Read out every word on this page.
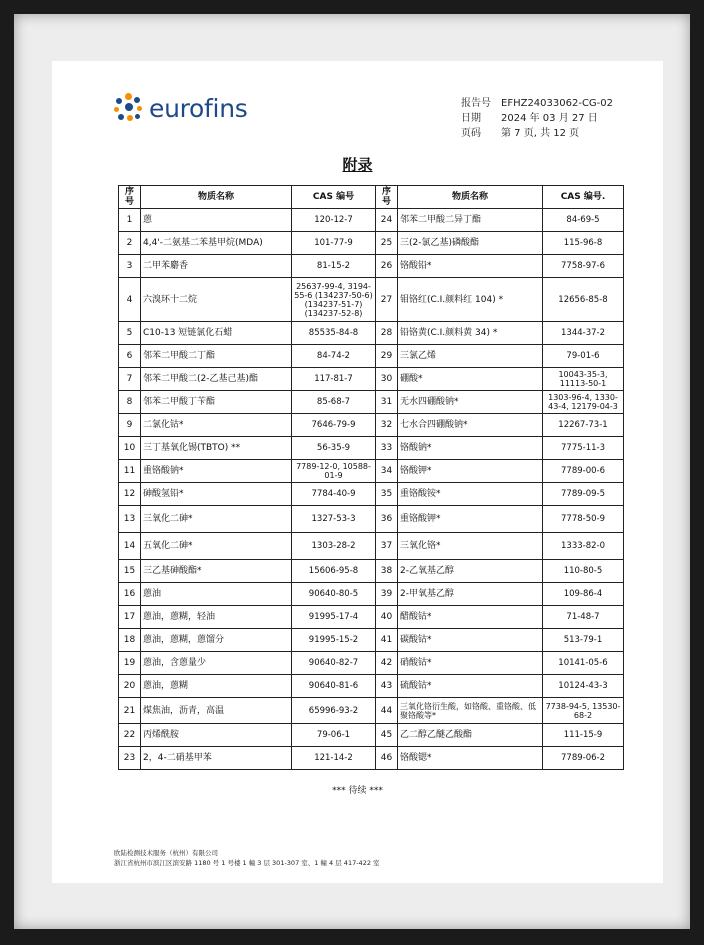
eurofins	报告号	EFHZ24033062-CG-02
日期	2024 年 03 月 27 日
页码	第 7 页, 共 12 页
附录
序号	物质名称	CAS 编号	序号	物质名称	CAS 编号.
1	蒽	120-12-7	24	邻苯二甲酸二异丁酯	84-69-5
2	4,4'-二氨基二苯基甲烷(MDA)	101-77-9	25	三(2-氯乙基)磷酸酯	115-96-8
3	二甲苯麝香	81-15-2	26	铬酸铅*	7758-97-6
4	六溴环十二烷	25637-99-4, 3194-55-6 (134237-50-6) (134237-51-7) (134237-52-8)	27	钼铬红(C.I.颜料红 104) *	12656-85-8
5	C10-13 短链氯化石蜡	85535-84-8	28	铅铬黄(C.I.颜料黄 34) *	1344-37-2
6	邻苯二甲酸二丁酯	84-74-2	29	三氯乙烯	79-01-6
7	邻苯二甲酸二(2-乙基己基)酯	117-81-7	30	硼酸*	10043-35-3, 11113-50-1
8	邻苯二甲酸丁苄酯	85-68-7	31	无水四硼酸钠*	1303-96-4, 1330-43-4, 12179-04-3
9	二氯化钴*	7646-79-9	32	七水合四硼酸钠*	12267-73-1
10	三丁基氧化锡(TBTO) **	56-35-9	33	铬酸钠*	7775-11-3
11	重铬酸钠*	7789-12-0, 10588-01-9	34	铬酸钾*	7789-00-6
12	砷酸氢铅*	7784-40-9	35	重铬酸铵*	7789-09-5
13	三氧化二砷*	1327-53-3	36	重铬酸钾*	7778-50-9
14	五氧化二砷*	1303-28-2	37	三氧化铬*	1333-82-0
15	三乙基砷酸酯*	15606-95-8	38	2-乙氧基乙醇	110-80-5
16	蒽油	90640-80-5	39	2-甲氧基乙醇	109-86-4
17	蒽油，蒽糊，轻油	91995-17-4	40	醋酸钴*	71-48-7
18	蒽油，蒽糊，蒽馏分	91995-15-2	41	碳酸钴*	513-79-1
19	蒽油，含蒽量少	90640-82-7	42	硝酸钴*	10141-05-6
20	蒽油，蒽糊	90640-81-6	43	硫酸钴*	10124-43-3
21	煤焦油，沥青，高温	65996-93-2	44	三氧化铬衍生酸，如铬酸、重铬酸、低聚铬酸等*	7738-94-5, 13530-68-2
22	丙烯酰胺	79-06-1	45	乙二醇乙醚乙酸酯	111-15-9
23	2，4-二硝基甲苯	121-14-2	46	铬酸锶*	7789-06-2
*** 待续 ***
欧陆检测技术服务（杭州）有限公司
浙江省杭州市滨江区滨安路 1180 号 1 号楼 1 幢 3 层 301-307 室、1 幢 4 层 417-422 室
